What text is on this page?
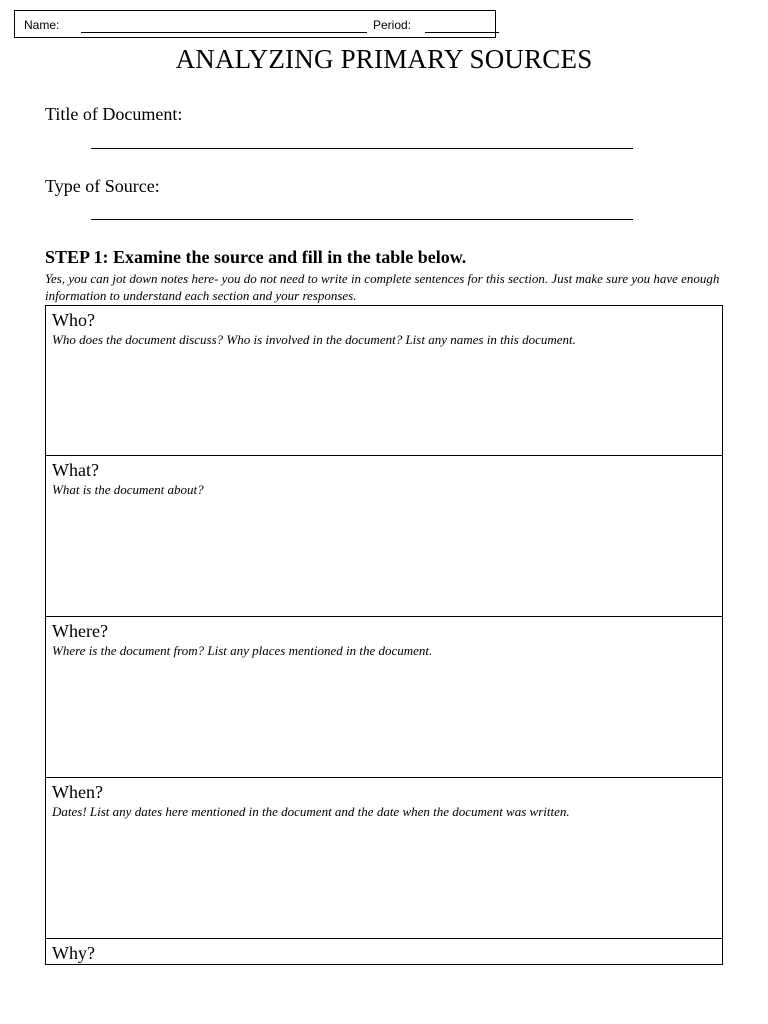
Name:	Period:
ANALYZING PRIMARY SOURCES
Title of Document:
Type of Source:
STEP 1: Examine the source and fill in the table below.
Yes, you can jot down notes here- you do not need to write in complete sentences for this section. Just make sure you have enough information to understand each section and your responses.
Who?
Who does the document discuss? Who is involved in the document? List any names in this document.

What?
What is the document about?

Where?
Where is the document from? List any places mentioned in the document.

When?
Dates! List any dates here mentioned in the document and the date when the document was written.

Why?
